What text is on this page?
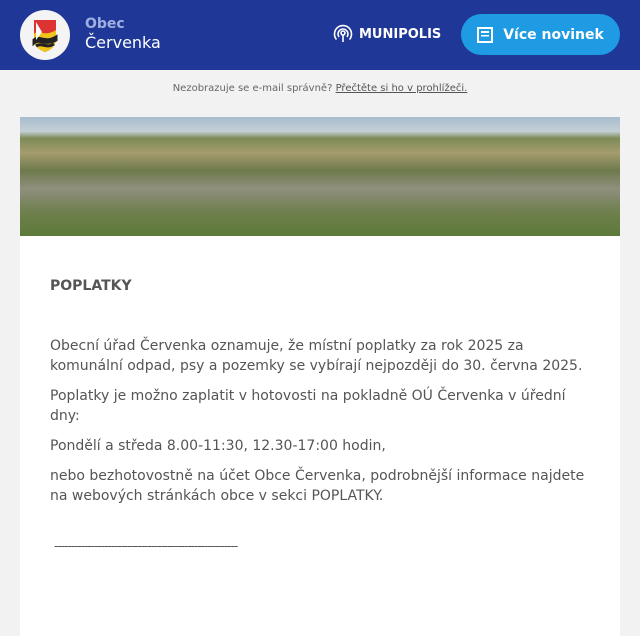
Obec
Červenka	MUNIPOLIS	Více novinek
Nezobrazuje se e-mail správně? Přečtěte si ho v prohlížeči.
POPLATKY

Obecní úřad Červenka oznamuje, že místní poplatky za rok 2025 za komunální odpad, psy a pozemky se vybírají nejpozději do 30. června 2025.

Poplatky je možno zaplatit v hotovosti na pokladně OÚ Červenka v úřední dny:

Pondělí a středa 8.00-11:30, 12.30-17:00 hodin,

nebo bezhotovostně na účet Obce Červenka, podrobnější informace najdete na webových stránkách obce v sekci POPLATKY.

-------------------------------------------------------
